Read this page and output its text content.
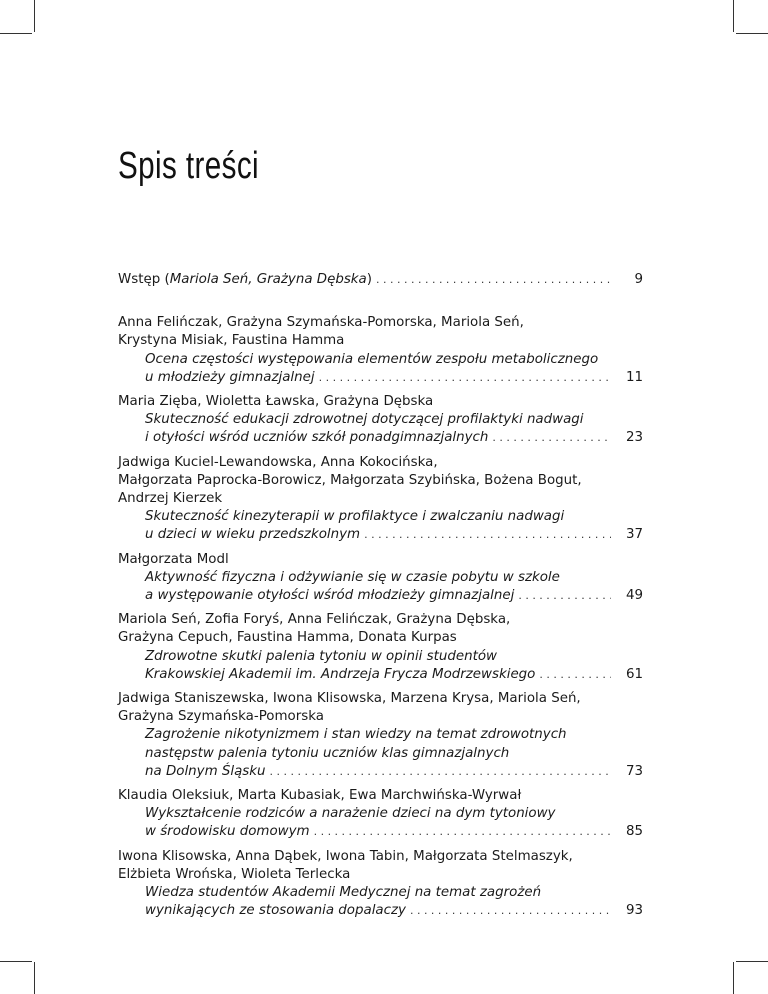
Spis treści
Wstęp (Mariola Seń, Grażyna Dębska) . . .	9
Anna Felińczak, Grażyna Szymańska-Pomorska, Mariola Seń,
Krystyna Misiak, Faustina Hamma
Ocena częstości występowania elementów zespołu metabolicznego
u młodzieży gimnazjalnej . . .	11
Maria Zięba, Wioletta Ławska, Grażyna Dębska
Skuteczność edukacji zdrowotnej dotyczącej profilaktyki nadwagi
i otyłości wśród uczniów szkół ponadgimnazjalnych . . .	23
Jadwiga Kuciel-Lewandowska, Anna Kokocińska,
Małgorzata Paprocka-Borowicz, Małgorzata Szybińska, Bożena Bogut,
Andrzej Kierzek
Skuteczność kinezyterapii w profilaktyce i zwalczaniu nadwagi
u dzieci w wieku przedszkolnym . . .	37
Małgorzata Modl
Aktywność fizyczna i odżywianie się w czasie pobytu w szkole
a występowanie otyłości wśród młodzieży gimnazjalnej . . .	49
Mariola Seń, Zofia Foryś, Anna Felińczak, Grażyna Dębska,
Grażyna Cepuch, Faustina Hamma, Donata Kurpas
Zdrowotne skutki palenia tytoniu w opinii studentów
Krakowskiej Akademii im. Andrzeja Frycza Modrzewskiego . . .	61
Jadwiga Staniszewska, Iwona Klisowska, Marzena Krysa, Mariola Seń,
Grażyna Szymańska-Pomorska
Zagrożenie nikotynizmem i stan wiedzy na temat zdrowotnych
następstw palenia tytoniu uczniów klas gimnazjalnych
na Dolnym Śląsku . . .	73
Klaudia Oleksiuk, Marta Kubasiak, Ewa Marchwińska-Wyrwał
Wykształcenie rodziców a narażenie dzieci na dym tytoniowy
w środowisku domowym . . .	85
Iwona Klisowska, Anna Dąbek, Iwona Tabin, Małgorzata Stelmaszyk,
Elżbieta Wrońska, Wioleta Terlecka
Wiedza studentów Akademii Medycznej na temat zagrożeń
wynikających ze stosowania dopalaczy . . .	93
